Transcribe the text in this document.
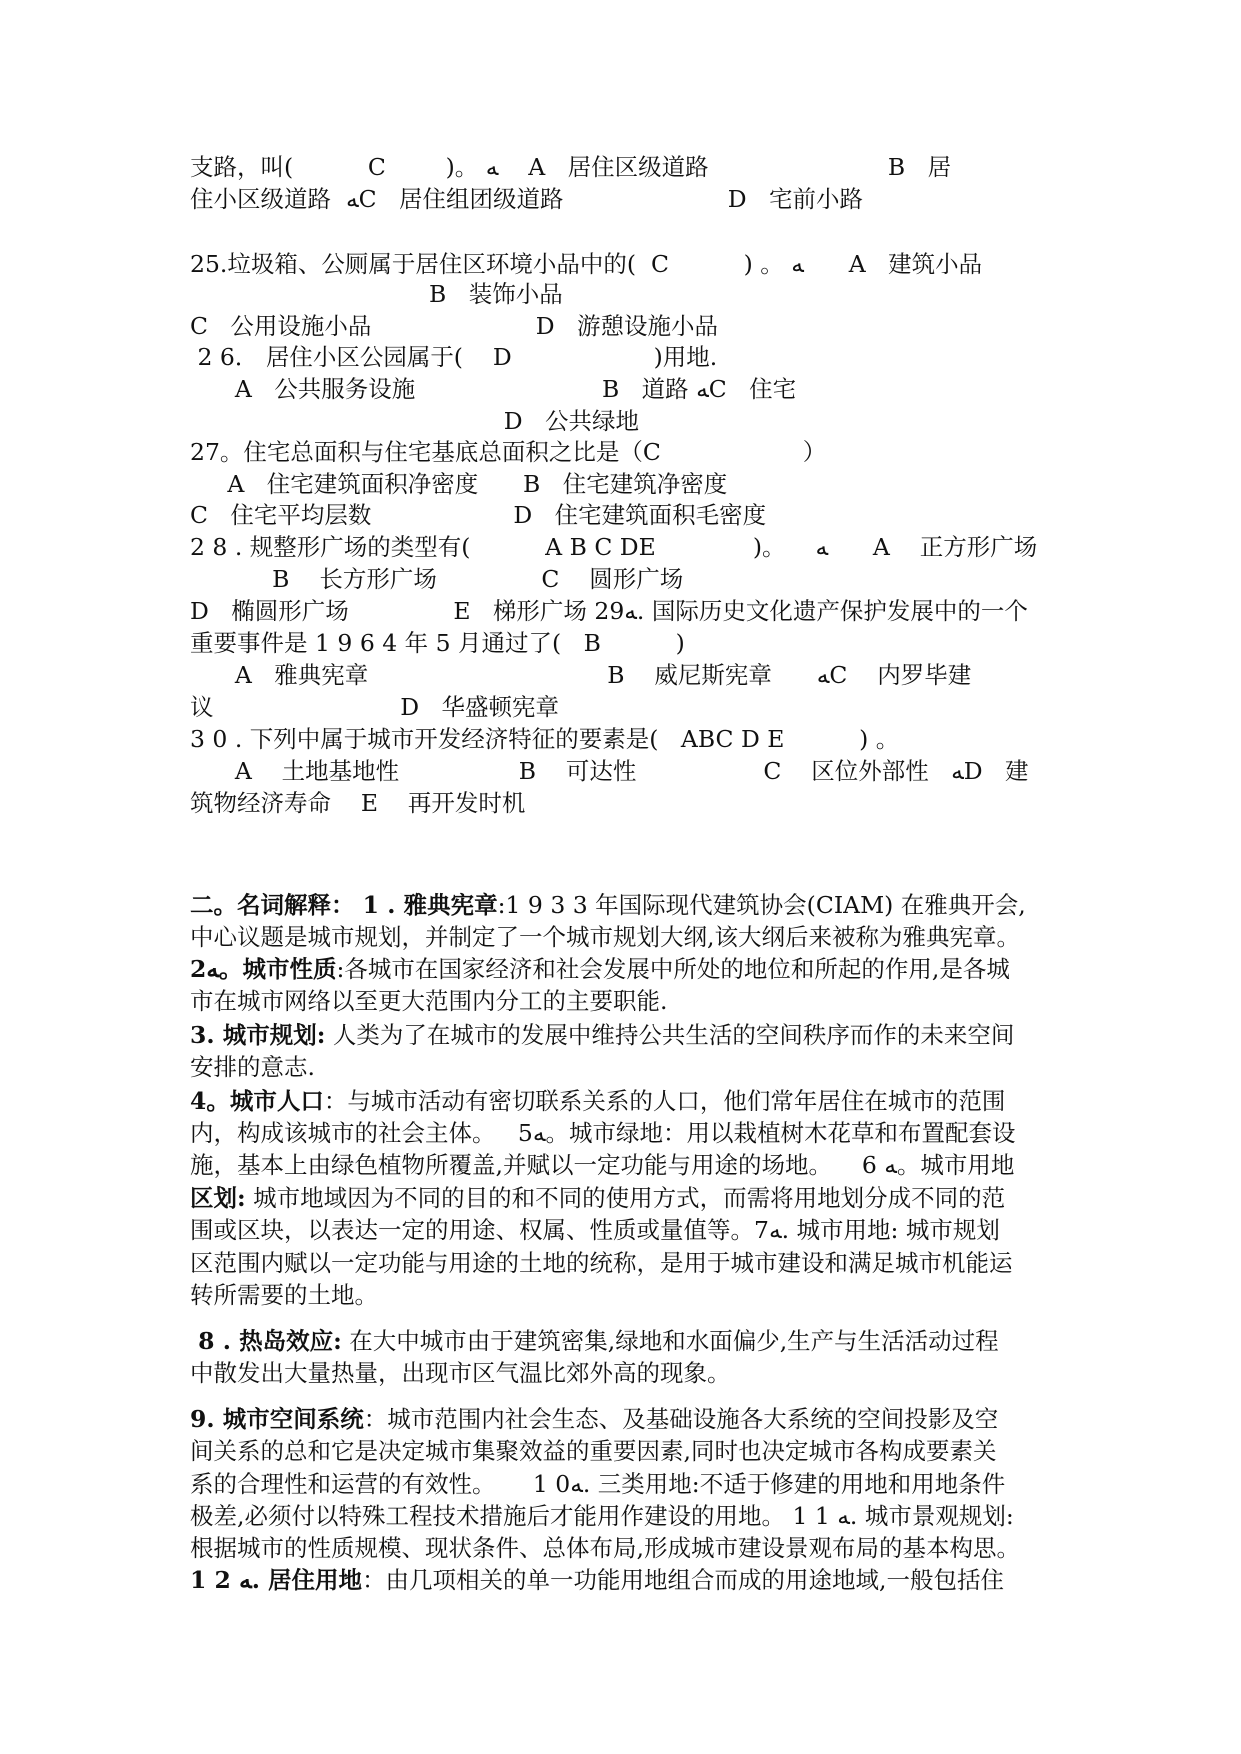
支路，叫(          C        )。 ﻪ    A   居住区级道路                        B   居
住小区级道路  ﻪC   居住组团级道路                      D   宅前小路
25.垃圾箱、公厕属于居住区环境小品中的(  C          ) 。 ﻪ      A   建筑小品
B   装饰小品
C   公用设施小品                      D   游憩设施小品
2 6． 居住小区公园属于(    D                   )用地.
A   公共服务设施                         B   道路 ﻪC   住宅
D   公共绿地
27。住宅总面积与住宅基底总面积之比是（C                   ）
A   住宅建筑面积净密度      B   住宅建筑净密度
C   住宅平均层数                   D   住宅建筑面积毛密度
2 8 . 规整形广场的类型有(          A B C DE             )。    ﻪ      A    正方形广场
B    长方形广场              C    圆形广场
D   椭圆形广场              E   梯形广场 29ﻪ. 国际历史文化遗产保护发展中的一个
重要事件是 1 9 6 4 年 5 月通过了(   B          )
A   雅典宪章                                B    威尼斯宪章      ﻪC    内罗毕建
议                         D   华盛顿宪章
3 0 . 下列中属于城市开发经济特征的要素是(   ABC D E          ) 。
A    土地基地性                B    可达性                 C    区位外部性   ﻪD   建
筑物经济寿命    E    再开发时机
二。名词解释： 1 . 雅典宪章:1 9 3 3 年国际现代建筑协会(CIAM) 在雅典开会,
中心议题是城市规划，并制定了一个城市规划大纲,该大纲后来被称为雅典宪章。
2ﻪ。城市性质:各城市在国家经济和社会发展中所处的地位和所起的作用,是各城
市在城市网络以至更大范围内分工的主要职能.
3. 城市规划: 人类为了在城市的发展中维持公共生活的空间秩序而作的未来空间
安排的意志.
4。城市人口：与城市活动有密切联系关系的人口，他们常年居住在城市的范围
内，构成该城市的社会主体。   5ﻪ。城市绿地：用以栽植树木花草和布置配套设
施，基本上由绿色植物所覆盖,并赋以一定功能与用途的场地。    6 ﻪ。城市用地
区划: 城市地域因为不同的目的和不同的使用方式，而需将用地划分成不同的范
围或区块，以表达一定的用途、权属、性质或量值等。7ﻪ. 城市用地: 城市规划
区范围内赋以一定功能与用途的土地的统称，是用于城市建设和满足城市机能运
转所需要的土地。
8 . 热岛效应: 在大中城市由于建筑密集,绿地和水面偏少,生产与生活活动过程
中散发出大量热量，出现市区气温比郊外高的现象。
9. 城市空间系统：城市范围内社会生态、及基础设施各大系统的空间投影及空
间关系的总和它是决定城市集聚效益的重要因素,同时也决定城市各构成要素关
系的合理性和运营的有效性。     1 0ﻪ. 三类用地:不适于修建的用地和用地条件
极差,必须付以特殊工程技术措施后才能用作建设的用地。 1 1 ﻪ. 城市景观规划:
根据城市的性质规模、现状条件、总体布局,形成城市建设景观布局的基本构思。
1 2 ﻪ. 居住用地：由几项相关的单一功能用地组合而成的用途地域,一般包括住
